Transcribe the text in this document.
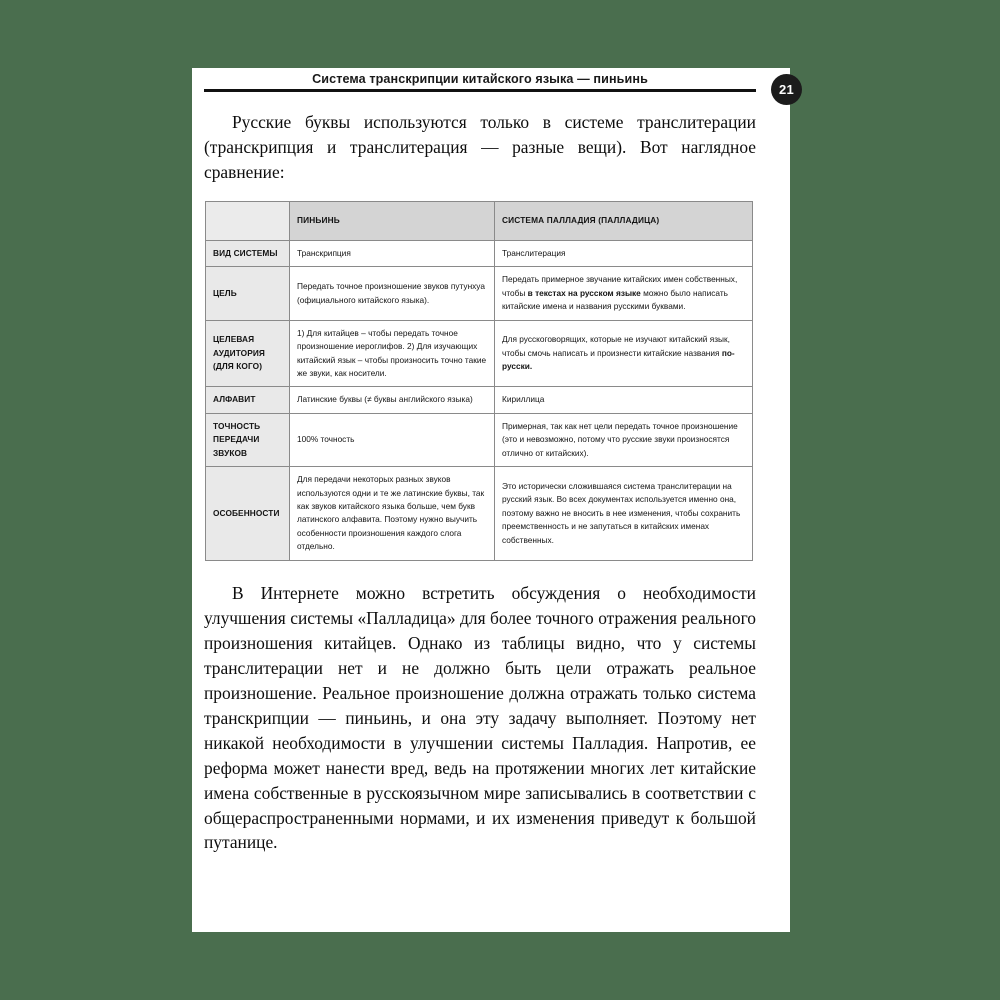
Система транскрипции китайского языка — пиньинь

Русские буквы используются только в системе транслитерации (транскрипция и транслитерация — разные вещи). Вот наглядное сравнение:

	ПИНЬИНЬ	СИСТЕМА ПАЛЛАДИЯ (ПАЛЛАДИЦА)
ВИД СИСТЕМЫ	Транскрипция	Транслитерация
ЦЕЛЬ	Передать точное произношение звуков путунхуа (официального китайского языка).	Передать примерное звучание китайских имен собственных, чтобы в текстах на русском языке можно было написать китайские имена и названия русскими буквами.
ЦЕЛЕВАЯ АУДИТОРИЯ (ДЛЯ КОГО)	1) Для китайцев – чтобы передать точное произношение иероглифов. 2) Для изучающих китайский язык – чтобы произносить точно такие же звуки, как носители.	Для русскоговорящих, которые не изучают китайский язык, чтобы смочь написать и произнести китайские названия по-русски.
АЛФАВИТ	Латинские буквы (≠ буквы английского языка)	Кириллица
ТОЧНОСТЬ ПЕРЕДАЧИ ЗВУКОВ	100% точность	Примерная, так как нет цели передать точное произношение (это и невозможно, потому что русские звуки произносятся отлично от китайских).
ОСОБЕННОСТИ	Для передачи некоторых разных звуков используются одни и те же латинские буквы, так как звуков китайского языка больше, чем букв латинского алфавита. Поэтому нужно выучить особенности произношения каждого слога отдельно.	Это исторически сложившаяся система транслитерации на русский язык. Во всех документах используется именно она, поэтому важно не вносить в нее изменения, чтобы сохранить преемственность и не запутаться в китайских именах собственных.

В Интернете можно встретить обсуждения о необходимости улучшения системы «Палладица» для более точного отражения реального произношения китайцев. Однако из таблицы видно, что у системы транслитерации нет и не должно быть цели отражать реальное произношение. Реальное произношение должна отражать только система транскрипции — пиньинь, и она эту задачу выполняет. Поэтому нет никакой необходимости в улучшении системы Палладия. Напротив, ее реформа может нанести вред, ведь на протяжении многих лет китайские имена собственные в русскоязычном мире записывались в соответствии с общераспространенными нормами, и их изменения приведут к большой путанице.

21
